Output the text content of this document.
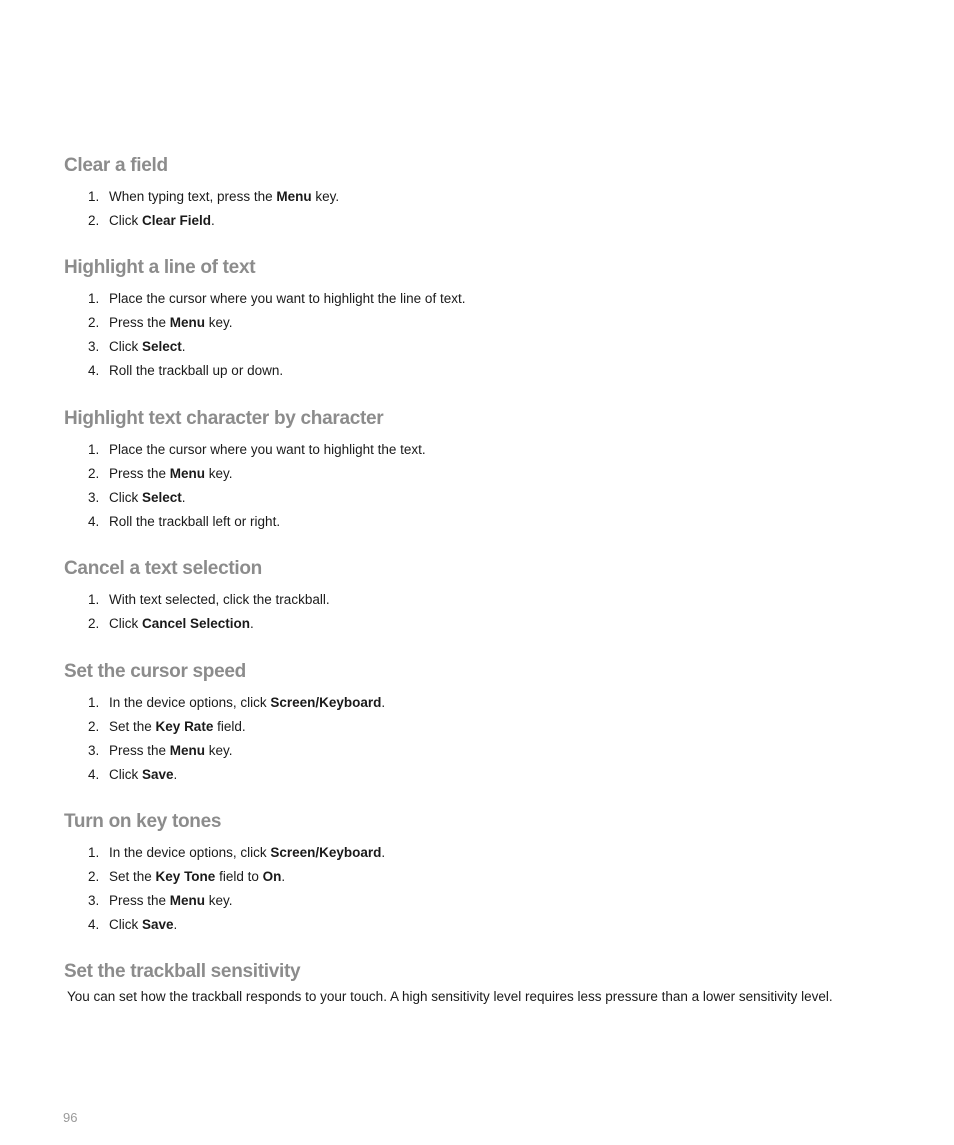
Clear a field
1. When typing text, press the Menu key.
2. Click Clear Field.
Highlight a line of text
1. Place the cursor where you want to highlight the line of text.
2. Press the Menu key.
3. Click Select.
4. Roll the trackball up or down.
Highlight text character by character
1. Place the cursor where you want to highlight the text.
2. Press the Menu key.
3. Click Select.
4. Roll the trackball left or right.
Cancel a text selection
1. With text selected, click the trackball.
2. Click Cancel Selection.
Set the cursor speed
1. In the device options, click Screen/Keyboard.
2. Set the Key Rate field.
3. Press the Menu key.
4. Click Save.
Turn on key tones
1. In the device options, click Screen/Keyboard.
2. Set the Key Tone field to On.
3. Press the Menu key.
4. Click Save.
Set the trackball sensitivity

You can set how the trackball responds to your touch. A high sensitivity level requires less pressure than a lower sensitivity level.

96
